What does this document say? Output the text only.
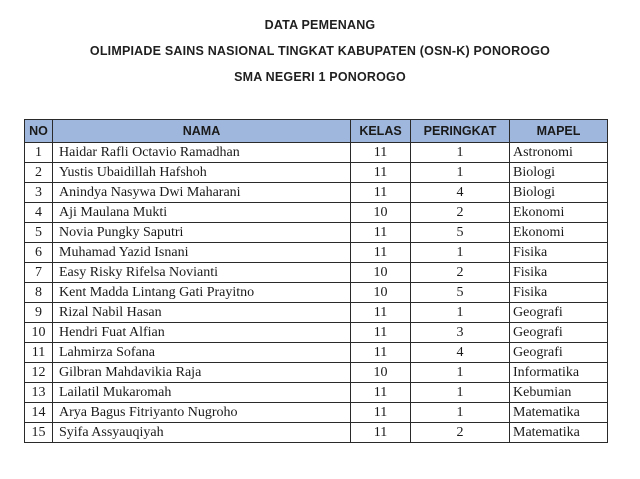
DATA PEMENANG
OLIMPIADE SAINS NASIONAL TINGKAT KABUPATEN (OSN-K) PONOROGO
SMA NEGERI 1 PONOROGO
NO	NAMA	KELAS	PERINGKAT	MAPEL
1	Haidar Rafli Octavio Ramadhan	11	1	Astronomi
2	Yustis Ubaidillah Hafshoh	11	1	Biologi
3	Anindya Nasywa Dwi Maharani	11	4	Biologi
4	Aji Maulana Mukti	10	2	Ekonomi
5	Novia Pungky Saputri	11	5	Ekonomi
6	Muhamad Yazid Isnani	11	1	Fisika
7	Easy Risky Rifelsa Novianti	10	2	Fisika
8	Kent Madda Lintang Gati Prayitno	10	5	Fisika
9	Rizal Nabil Hasan	11	1	Geografi
10	Hendri Fuat Alfian	11	3	Geografi
11	Lahmirza Sofana	11	4	Geografi
12	Gilbran Mahdavikia Raja	10	1	Informatika
13	Lailatil Mukaromah	11	1	Kebumian
14	Arya Bagus Fitriyanto Nugroho	11	1	Matematika
15	Syifa Assyauqiyah	11	2	Matematika
